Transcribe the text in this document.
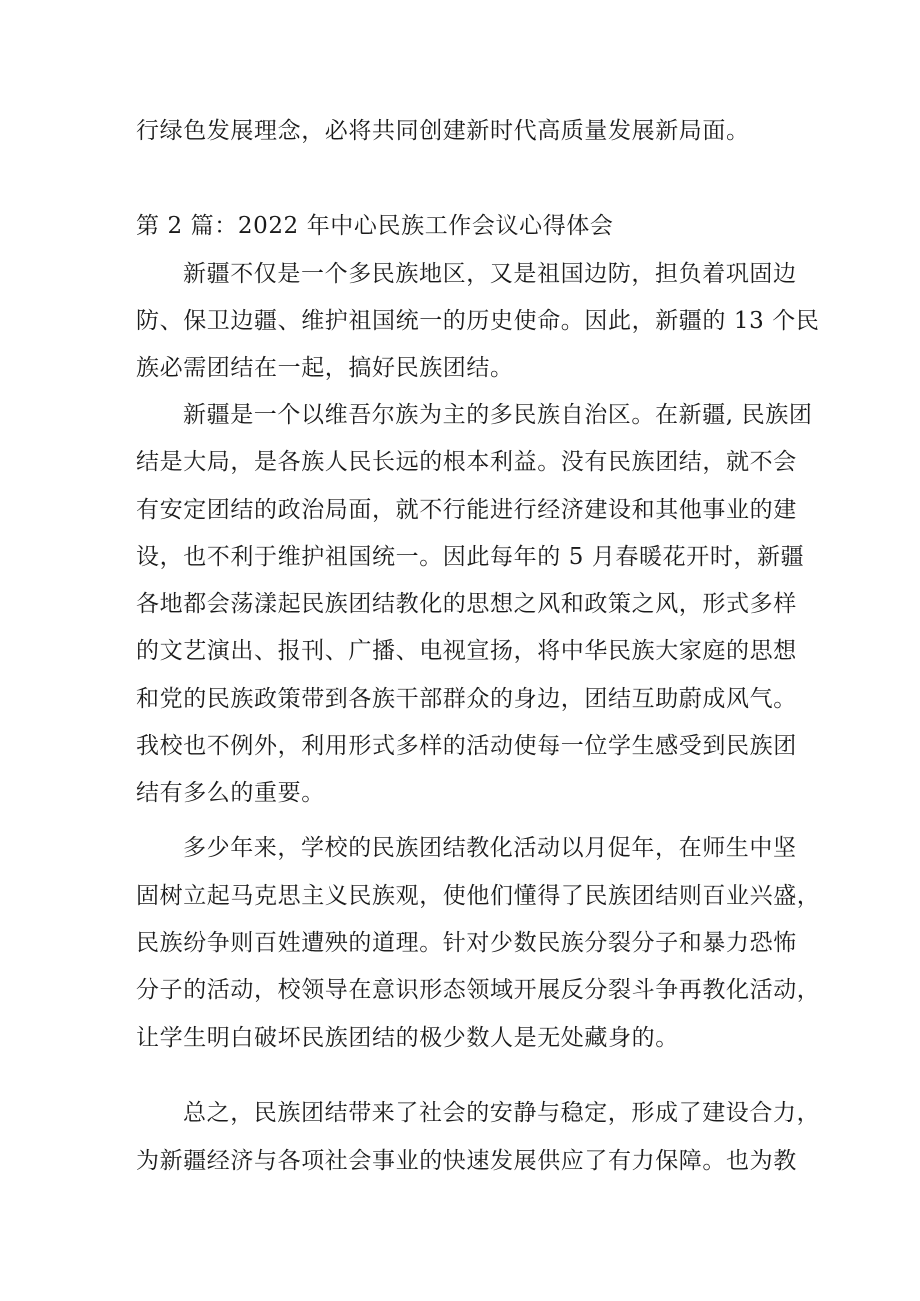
行绿色发展理念，必将共同创建新时代高质量发展新局面。
第 2 篇：2022 年中心民族工作会议心得体会
新疆不仅是一个多民族地区，又是祖国边防，担负着巩固边
防、保卫边疆、维护祖国统一的历史使命。因此，新疆的 13 个民
族必需团结在一起，搞好民族团结。
新疆是一个以维吾尔族为主的多民族自治区。在新疆, 民族团
结是大局，是各族人民长远的根本利益。没有民族团结，就不会
有安定团结的政治局面，就不行能进行经济建设和其他事业的建
设，也不利于维护祖国统一。因此每年的 5 月春暖花开时，新疆
各地都会荡漾起民族团结教化的思想之风和政策之风，形式多样
的文艺演出、报刊、广播、电视宣扬，将中华民族大家庭的思想
和党的民族政策带到各族干部群众的身边，团结互助蔚成风气。
我校也不例外，利用形式多样的活动使每一位学生感受到民族团
结有多么的重要。
多少年来，学校的民族团结教化活动以月促年，在师生中坚
固树立起马克思主义民族观，使他们懂得了民族团结则百业兴盛，
民族纷争则百姓遭殃的道理。针对少数民族分裂分子和暴力恐怖
分子的活动，校领导在意识形态领域开展反分裂斗争再教化活动，
让学生明白破坏民族团结的极少数人是无处藏身的。
总之，民族团结带来了社会的安静与稳定，形成了建设合力，
为新疆经济与各项社会事业的快速发展供应了有力保障。也为教
